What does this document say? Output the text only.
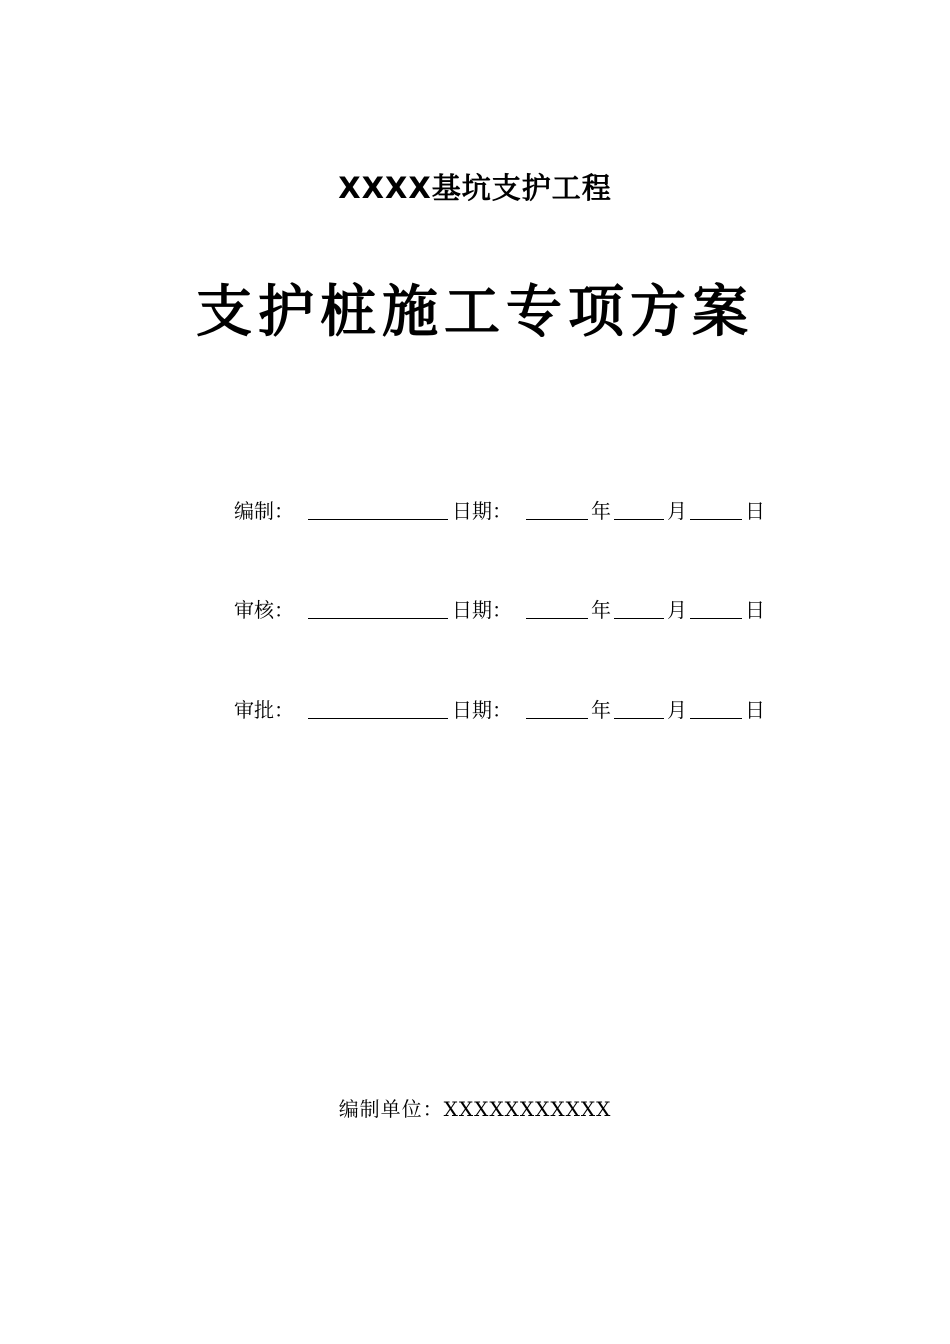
XXXX基坑支护工程
支护桩施工专项方案
编制：	日期：	年	月	日
审核：	日期：	年	月	日
审批：	日期：	年	月	日
编制单位：XXXXXXXXXXX
